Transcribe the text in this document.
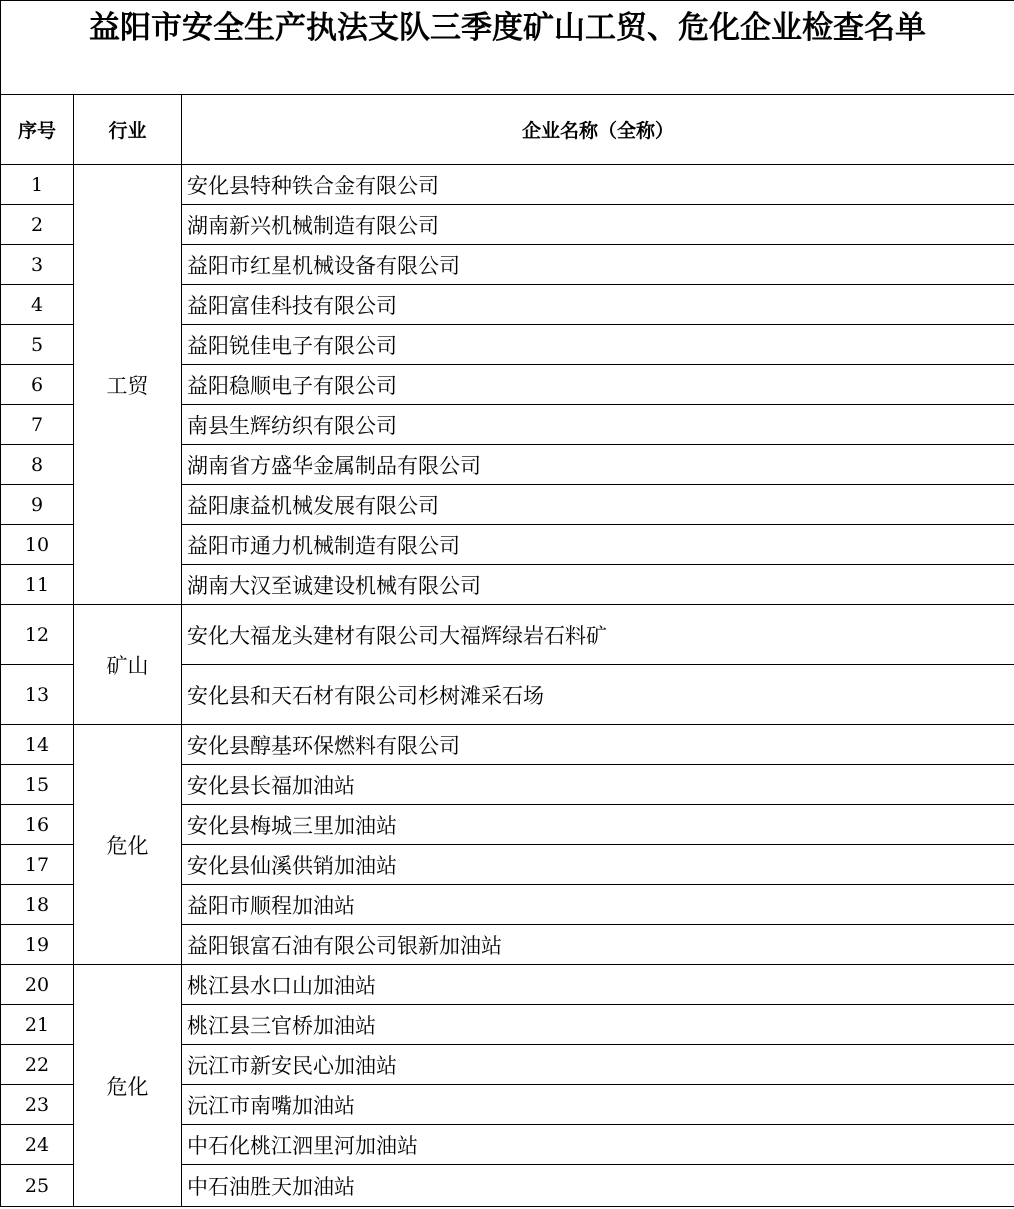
益阳市安全生产执法支队三季度矿山工贸、危化企业检查名单		
序号	行业	企业名称（全称）
1	工贸	安化县特种铁合金有限公司
2		湖南新兴机械制造有限公司
3		益阳市红星机械设备有限公司
4		益阳富佳科技有限公司
5		益阳锐佳电子有限公司
6		益阳稳顺电子有限公司
7		南县生辉纺织有限公司
8		湖南省方盛华金属制品有限公司
9		益阳康益机械发展有限公司
10		益阳市通力机械制造有限公司
11		湖南大汉至诚建设机械有限公司
12	矿山	安化大福龙头建材有限公司大福辉绿岩石料矿
13		安化县和天石材有限公司杉树滩采石场
14	危化	安化县醇基环保燃料有限公司
15		安化县长福加油站
16		安化县梅城三里加油站
17		安化县仙溪供销加油站
18		益阳市顺程加油站
19		益阳银富石油有限公司银新加油站
20	危化	桃江县水口山加油站
21		桃江县三官桥加油站
22		沅江市新安民心加油站
23		沅江市南嘴加油站
24		中石化桃江泗里河加油站
25		中石油胜天加油站
